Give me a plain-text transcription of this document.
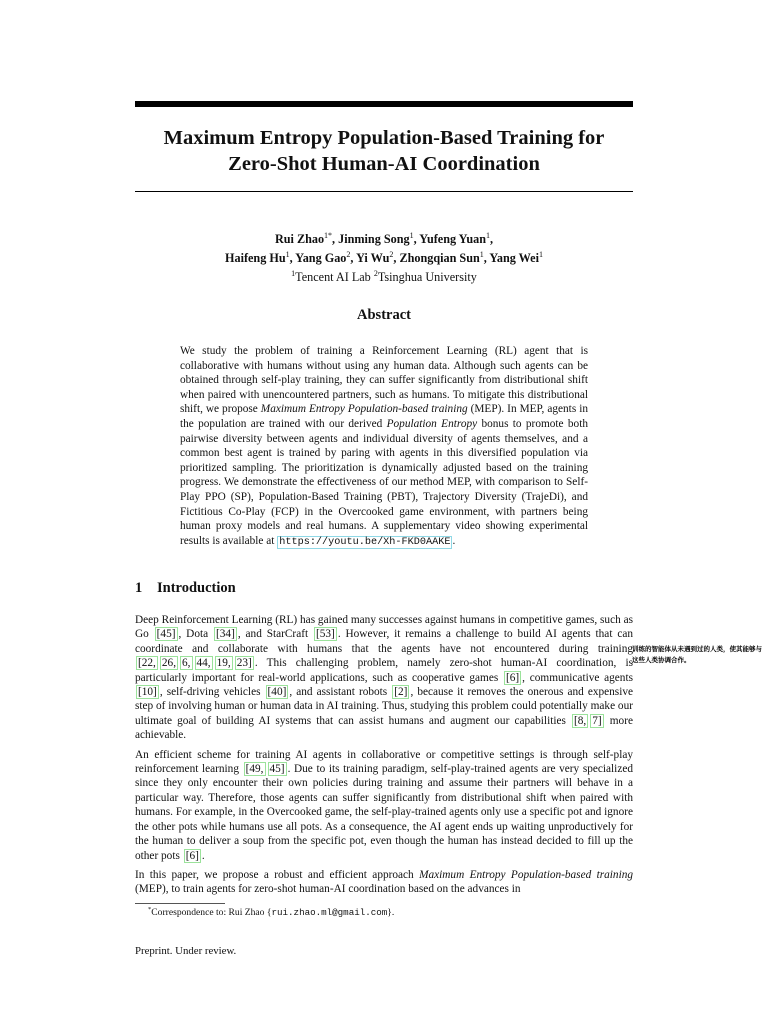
Maximum Entropy Population-Based Training for
Zero-Shot Human-AI Coordination
Rui Zhao$^{1*}$, Jinming Song$^1$, Yufeng Yuan$^1$,
Haifeng Hu$^1$, Yang Gao$^2$, Yi Wu$^2$, Zhongqian Sun$^1$, Yang Wei$^1$
$^1$Tencent AI Lab $^2$Tsinghua University
Abstract
We study the problem of training a Reinforcement Learning (RL) agent that is collaborative with humans without using any human data. Although such agents can be obtained through self-play training, they can suffer significantly from distributional shift when paired with unencountered partners, such as humans. To mitigate this distributional shift, we propose Maximum Entropy Population-based training (MEP). In MEP, agents in the population are trained with our derived Population Entropy bonus to promote both pairwise diversity between agents and individual diversity of agents themselves, and a common best agent is trained by paring with agents in this diversified population via prioritized sampling. The prioritization is dynamically adjusted based on the training progress. We demonstrate the effectiveness of our method MEP, with comparison to Self-Play PPO (SP), Population-Based Training (PBT), Trajectory Diversity (TrajeDi), and Fictitious Co-Play (FCP) in the Overcooked game environment, with partners being human proxy models and real humans. A supplementary video showing experimental results is available at https://youtu.be/Xh-FKD0AAKE .
1 Introduction

Deep Reinforcement Learning (RL) has gained many successes against humans in competitive games, such as Go [45] , Dota [34] , and StarCraft [53] . However, it remains a challenge to build AI agents that can coordinate and collaborate with humans that the agents have not encountered during training [22, 26, 6, 44, 19, 23] . This challenging problem, namely zero-shot human-AI coordination, is particularly important for real-world applications, such as cooperative games [6] , communicative agents [10] , self-driving vehicles [40] , and assistant robots [2] , because it removes the onerous and expensive step of involving human or human data in AI training. Thus, studying this problem could potentially make our ultimate goal of building AI systems that can assist humans and augment our capabilities [8, 7] more achievable.

An efficient scheme for training AI agents in collaborative or competitive settings is through self-play reinforcement learning [49, 45] . Due to its training paradigm, self-play-trained agents are very specialized since they only encounter their own policies during training and assume their partners will behave in a particular way. Therefore, those agents can suffer significantly from distributional shift when paired with humans. For example, in the Overcooked game, the self-play-trained agents only use a specific pot and ignore the other pots while humans use all pots. As a consequence, the AI agent ends up waiting unproductively for the human to deliver a soup from the specific pot, even though the human has instead decided to fill up the other pots [6] .

In this paper, we propose a robust and efficient approach Maximum Entropy Population-based training (MEP), to train agents for zero-shot human-AI coordination based on the advances in

训练的智能体从未遇到过的人类，使其能够与这些人类协调合作。
*Correspondence to: Rui Zhao {rui.zhao.ml@gmail.com}.
Preprint. Under review.
